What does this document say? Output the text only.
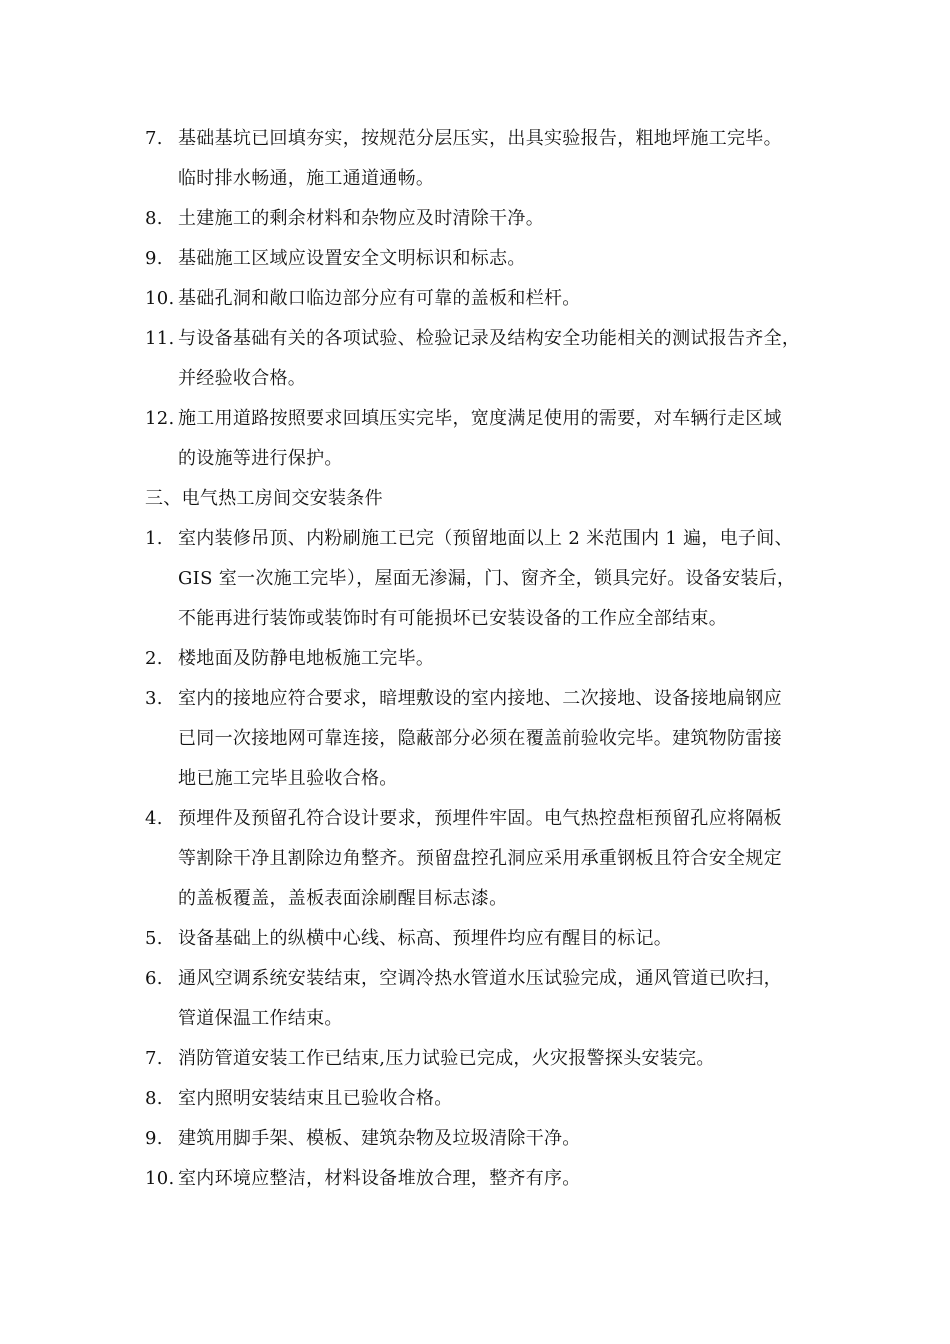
7. 基础基坑已回填夯实，按规范分层压实，出具实验报告，粗地坪施工完毕。
临时排水畅通，施工通道通畅。
8. 土建施工的剩余材料和杂物应及时清除干净。
9. 基础施工区域应设置安全文明标识和标志。
10. 基础孔洞和敞口临边部分应有可靠的盖板和栏杆。
11. 与设备基础有关的各项试验、检验记录及结构安全功能相关的测试报告齐全，
并经验收合格。
12. 施工用道路按照要求回填压实完毕，宽度满足使用的需要，对车辆行走区域
的设施等进行保护。
三、电气热工房间交安装条件
1. 室内装修吊顶、内粉刷施工已完（预留地面以上 2 米范围内 1 遍，电子间、
GIS 室一次施工完毕），屋面无渗漏，门、窗齐全，锁具完好。设备安装后，
不能再进行装饰或装饰时有可能损坏已安装设备的工作应全部结束。
2. 楼地面及防静电地板施工完毕。
3. 室内的接地应符合要求，暗埋敷设的室内接地、二次接地、设备接地扁钢应
已同一次接地网可靠连接，隐蔽部分必须在覆盖前验收完毕。建筑物防雷接
地已施工完毕且验收合格。
4. 预埋件及预留孔符合设计要求，预埋件牢固。电气热控盘柜预留孔应将隔板
等割除干净且割除边角整齐。预留盘控孔洞应采用承重钢板且符合安全规定
的盖板覆盖，盖板表面涂刷醒目标志漆。
5. 设备基础上的纵横中心线、标高、预埋件均应有醒目的标记。
6. 通风空调系统安装结束，空调冷热水管道水压试验完成，通风管道已吹扫，
管道保温工作结束。
7. 消防管道安装工作已结束,压力试验已完成，火灾报警探头安装完。
8. 室内照明安装结束且已验收合格。
9. 建筑用脚手架、模板、建筑杂物及垃圾清除干净。
10. 室内环境应整洁，材料设备堆放合理，整齐有序。
